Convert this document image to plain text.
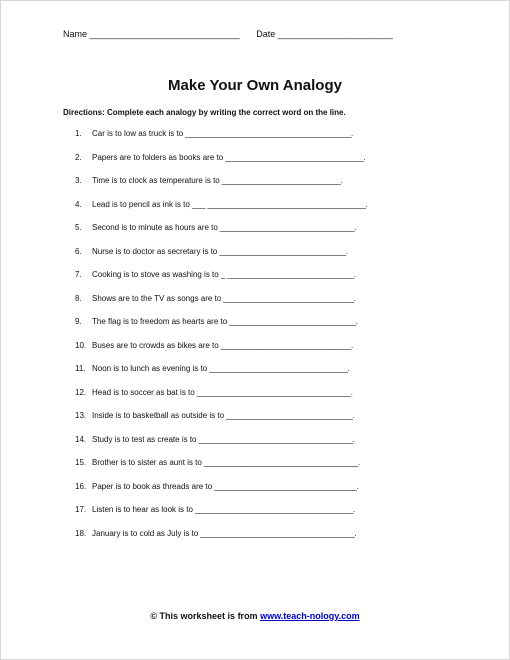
Name ______________________________ Date _______________________
Make Your Own Analogy
Directions: Complete each analogy by writing the correct word on the line.
1.	Car is to low as truck is to __________________________________________.
2.	Papers are to folders as books are to ___________________________________.
3.	Time is to clock as temperature is to ______________________________.
4.	Lead is to pencil as ink is to ___ ________________________________________.
5.	Second is to minute as hours are to __________________________________.
6.	Nurse is to doctor as secretary is to ________________________________.
7.	Cooking is to stove as washing is to _ ________________________________.
8.	Shows are to the TV as songs are to _________________________________.
9.	The flag is to freedom as hearts are to ________________________________.
10. Buses are to crowds as bikes are to _________________________________.
11. Noon is to lunch as evening is to ___________________________________.
12. Head is to soccer as bat is to _______________________________________.
13. Inside is to basketball as outside is to ________________________________.
14. Study is to test as create is to _______________________________________.
15. Brother is to sister as aunt is to _______________________________________.
16. Paper is to book as threads are to ____________________________________.
17. Listen is to hear as look is to ________________________________________.
18. January is to cold as July is to _______________________________________.
© This worksheet is from www.teach-nology.com
